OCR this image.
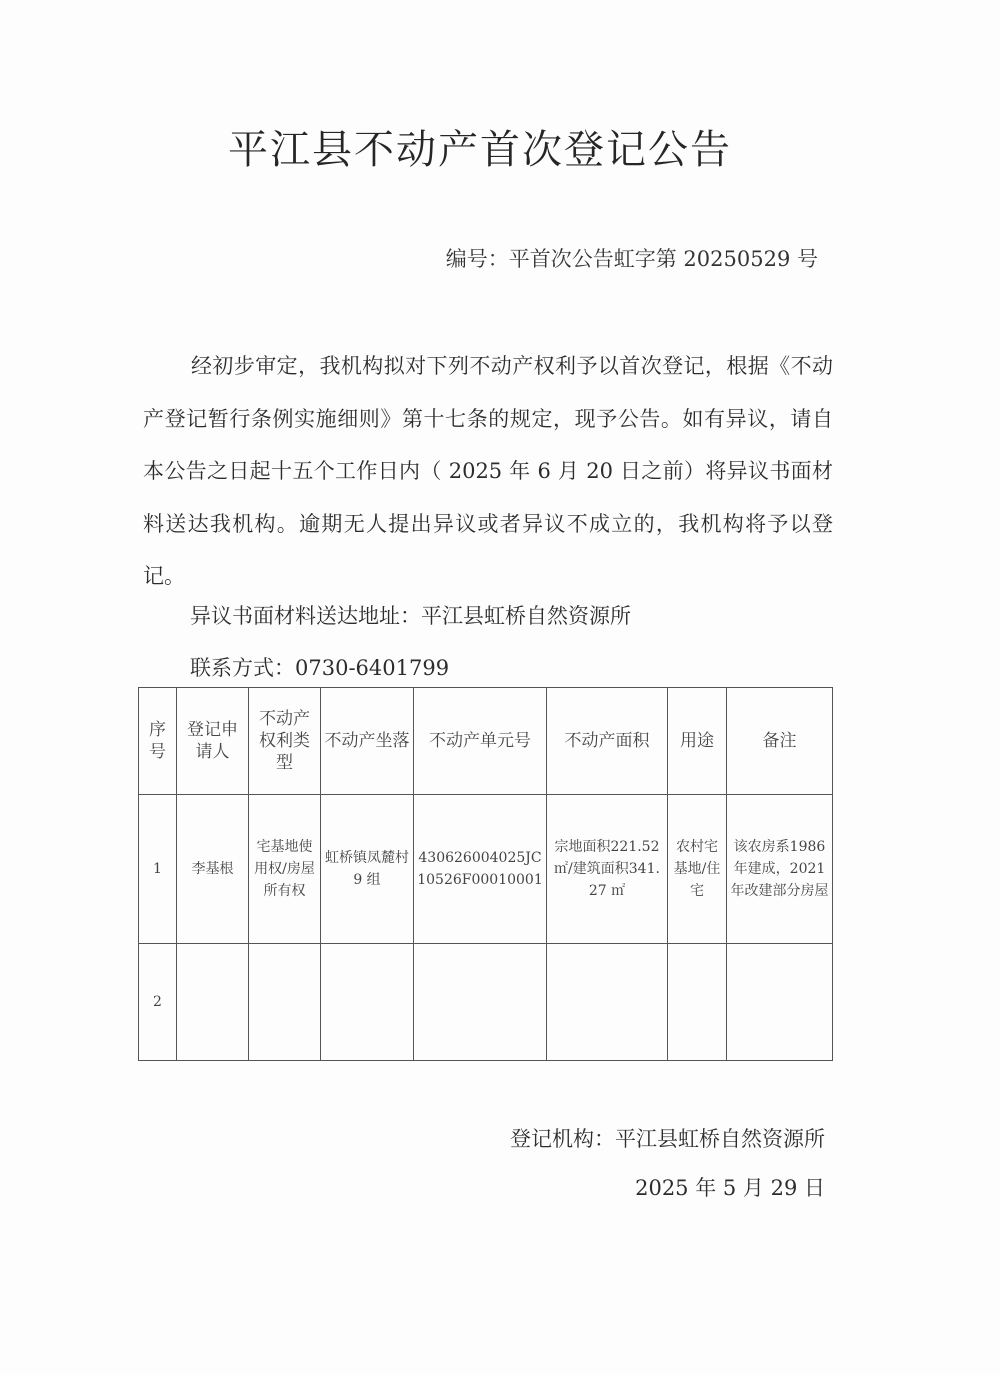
平江县不动产首次登记公告
编号：平首次公告虹字第 20250529 号
经初步审定，我机构拟对下列不动产权利予以首次登记，根据《不动产登记暂行条例实施细则》第十七条的规定，现予公告。如有异议，请自本公告之日起十五个工作日内（ 2025 年 6 月 20 日之前）将异议书面材料送达我机构。逾期无人提出异议或者异议不成立的，我机构将予以登记。
异议书面材料送达地址：平江县虹桥自然资源所
联系方式：0730-6401799
序号	登记申请人	不动产权利类型	不动产坐落	不动产单元号	不动产面积	用途	备注
1	李基根	宅基地使用权/房屋所有权	虹桥镇凤麓村 9 组	430626004025JC10526F00010001	宗地面积221.52 ㎡/建筑面积341.27 ㎡	农村宅基地/住宅	该农房系1986 年建成，2021 年改建部分房屋
2							
登记机构：平江县虹桥自然资源所
2025 年 5 月 29 日
